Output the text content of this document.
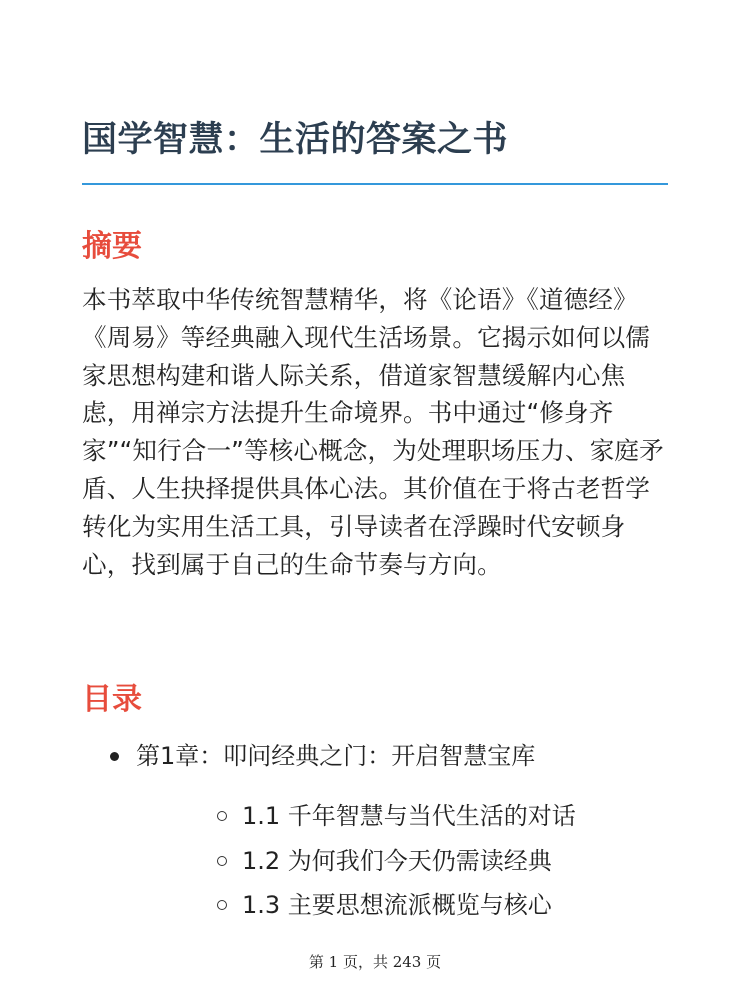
国学智慧：生活的答案之书
摘要

本书萃取中华传统智慧精华，将《论语》《道德经》《周易》等经典融入现代生活场景。它揭示如何以儒家思想构建和谐人际关系，借道家智慧缓解内心焦虑，用禅宗方法提升生命境界。书中通过“修身齐家”“知行合一”等核心概念，为处理职场压力、家庭矛盾、人生抉择提供具体心法。其价值在于将古老哲学转化为实用生活工具，引导读者在浮躁时代安顿身心，找到属于自己的生命节奏与方向。

目录
第1章：叩问经典之门：开启智慧宝库
1.1 千年智慧与当代生活的对话
1.2 为何我们今天仍需读经典
1.3 主要思想流派概览与核心
第 1 页，共 243 页
